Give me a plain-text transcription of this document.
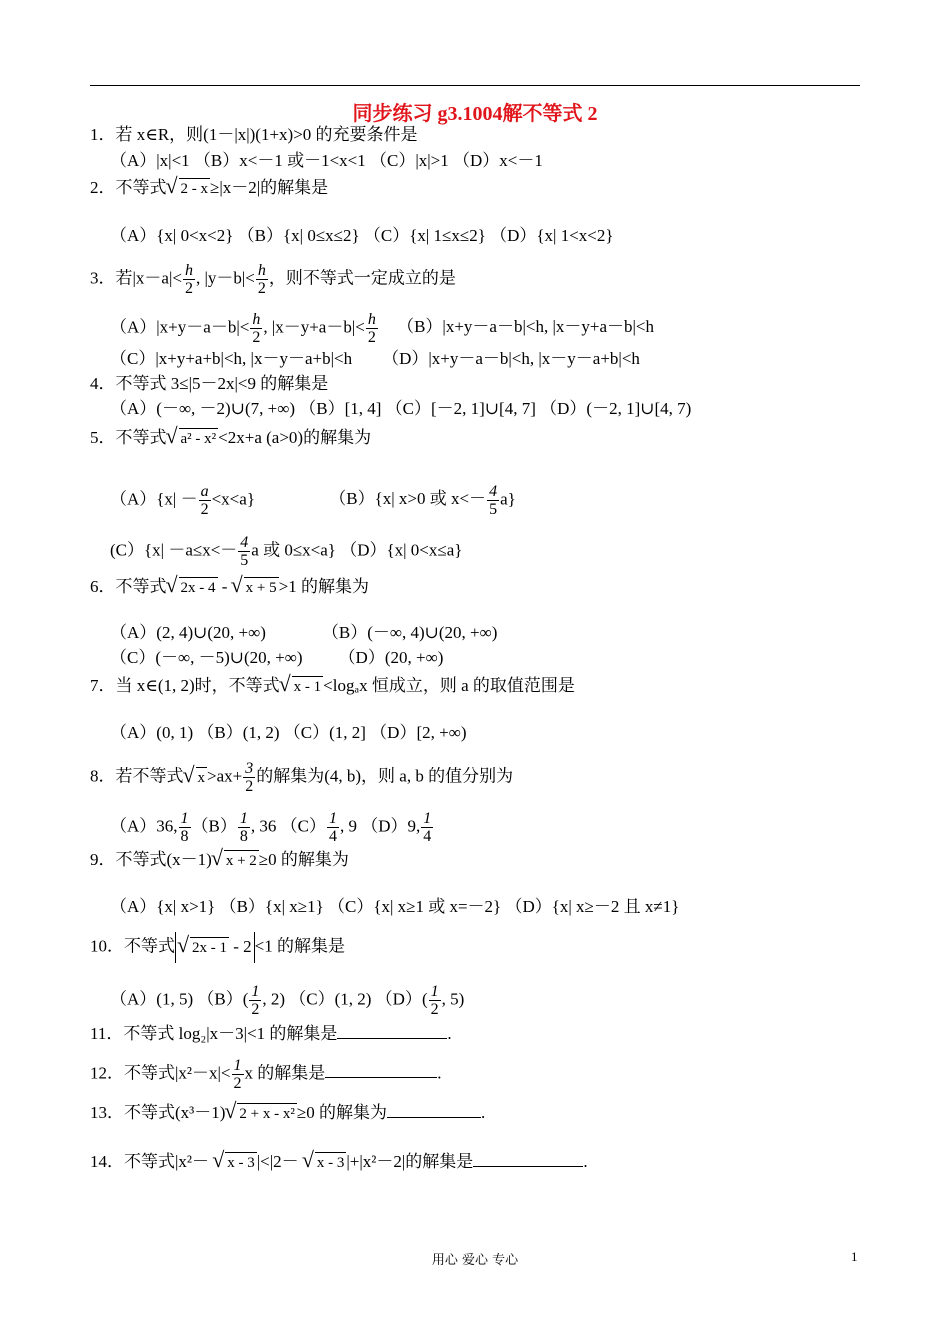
同步练习 g3.1004解不等式 2
1．若 x∈R，则(1－|x|)(1+x)>0 的充要条件是
（A）|x|<1 （B）x<－1 或－1<x<1 （C）|x|>1 （D）x<－1
2．不等式 √ 2 - x ≥|x－2|的解集是
（A）{x| 0<x<2} （B）{x| 0≤x≤2} （C）{x| 1≤x≤2} （D）{x| 1<x<2}
3．若$|x-a|< \frac{h}{2}$ , $|y-b|< \frac{h}{2}$ ，则不等式一定成立的是
$(A)|x+y-a-b|< \frac{h}{2}$ , $|x-y+a-b|< \frac{h}{2} (B)|x+y-a-b|<h$, |x－y+a－b|<h
（C）|x+y+a+b|<h, |x－y－a+b|<h （D）|x+y－a－b|<h, |x－y－a+b|<h
4．不等式 3≤|5－2x|<9 的解集是
（A）(－∞, －2)∪(7, +∞) （B）[1, 4] （C）[－2, 1]∪[4, 7] （D）(－2, 1]∪[4, 7)
5．不等式 √ a² - x² <2x+a (a>0)的解集为
$(A)\{x| - \frac{a}{2} <x<a\}$	（B）{x| x>0 或 $x<- \frac{4}{5} a$}
$(C)\{x| -a\le x<- \frac{4}{5}$ a 或 0≤x<a} （D）{x| 0<x≤a}
6．不等式 √ 2x - 4 - √ x + 5 >1 的解集为
（A）(2, 4)∪(20, +∞)	（B）(－∞, 4)∪(20, +∞)
（C）(－∞, －5)∪(20, +∞) （D）(20, +∞)
7．当 x∈(1, 2)时，不等式 √ x - 1 <logₐx 恒成立，则 a 的取值范围是
（A）(0, 1) （B）(1, 2) （C）(1, 2] （D）[2, +∞)
8．若不等式 √ $x >ax+ \frac{3}{2}$ 的解集为(4, b)，则 a, b 的值分别为
（A）36, $\frac{1}{8} (B) \frac{1}{8}$ , 36 $(C) \frac{1}{4}$ , 9 （D）9, $\frac{1}{4}$
9．不等式(x－1) √ x + 2 ≥0 的解集为
（A）{x| x>1} （B）{x| x≥1} （C）{x| x≥1 或 x=－2} （D）{x| x≥－2 且 x≠1}
10．不等式 √ 2x - 1 - 2 <1 的解集是
（A）(1, 5) $(B)( \frac{1}{2}$ , 2) （C）(1, 2) $(D)( \frac{1}{2}$ , 5)
11．不等式 log₂|x－3|<1 的解集是	.
12．不等式$|x^2-x|< \frac{1}{2}$ x 的解集是	.
13．不等式(x³－1) √ 2 + x - x² ≥0 的解集为	.
14．不等式|x²－ √ x - 3 |<|2－ √ x - 3 |+|x²－2|的解集是	.
用心 爱心 专心	1
